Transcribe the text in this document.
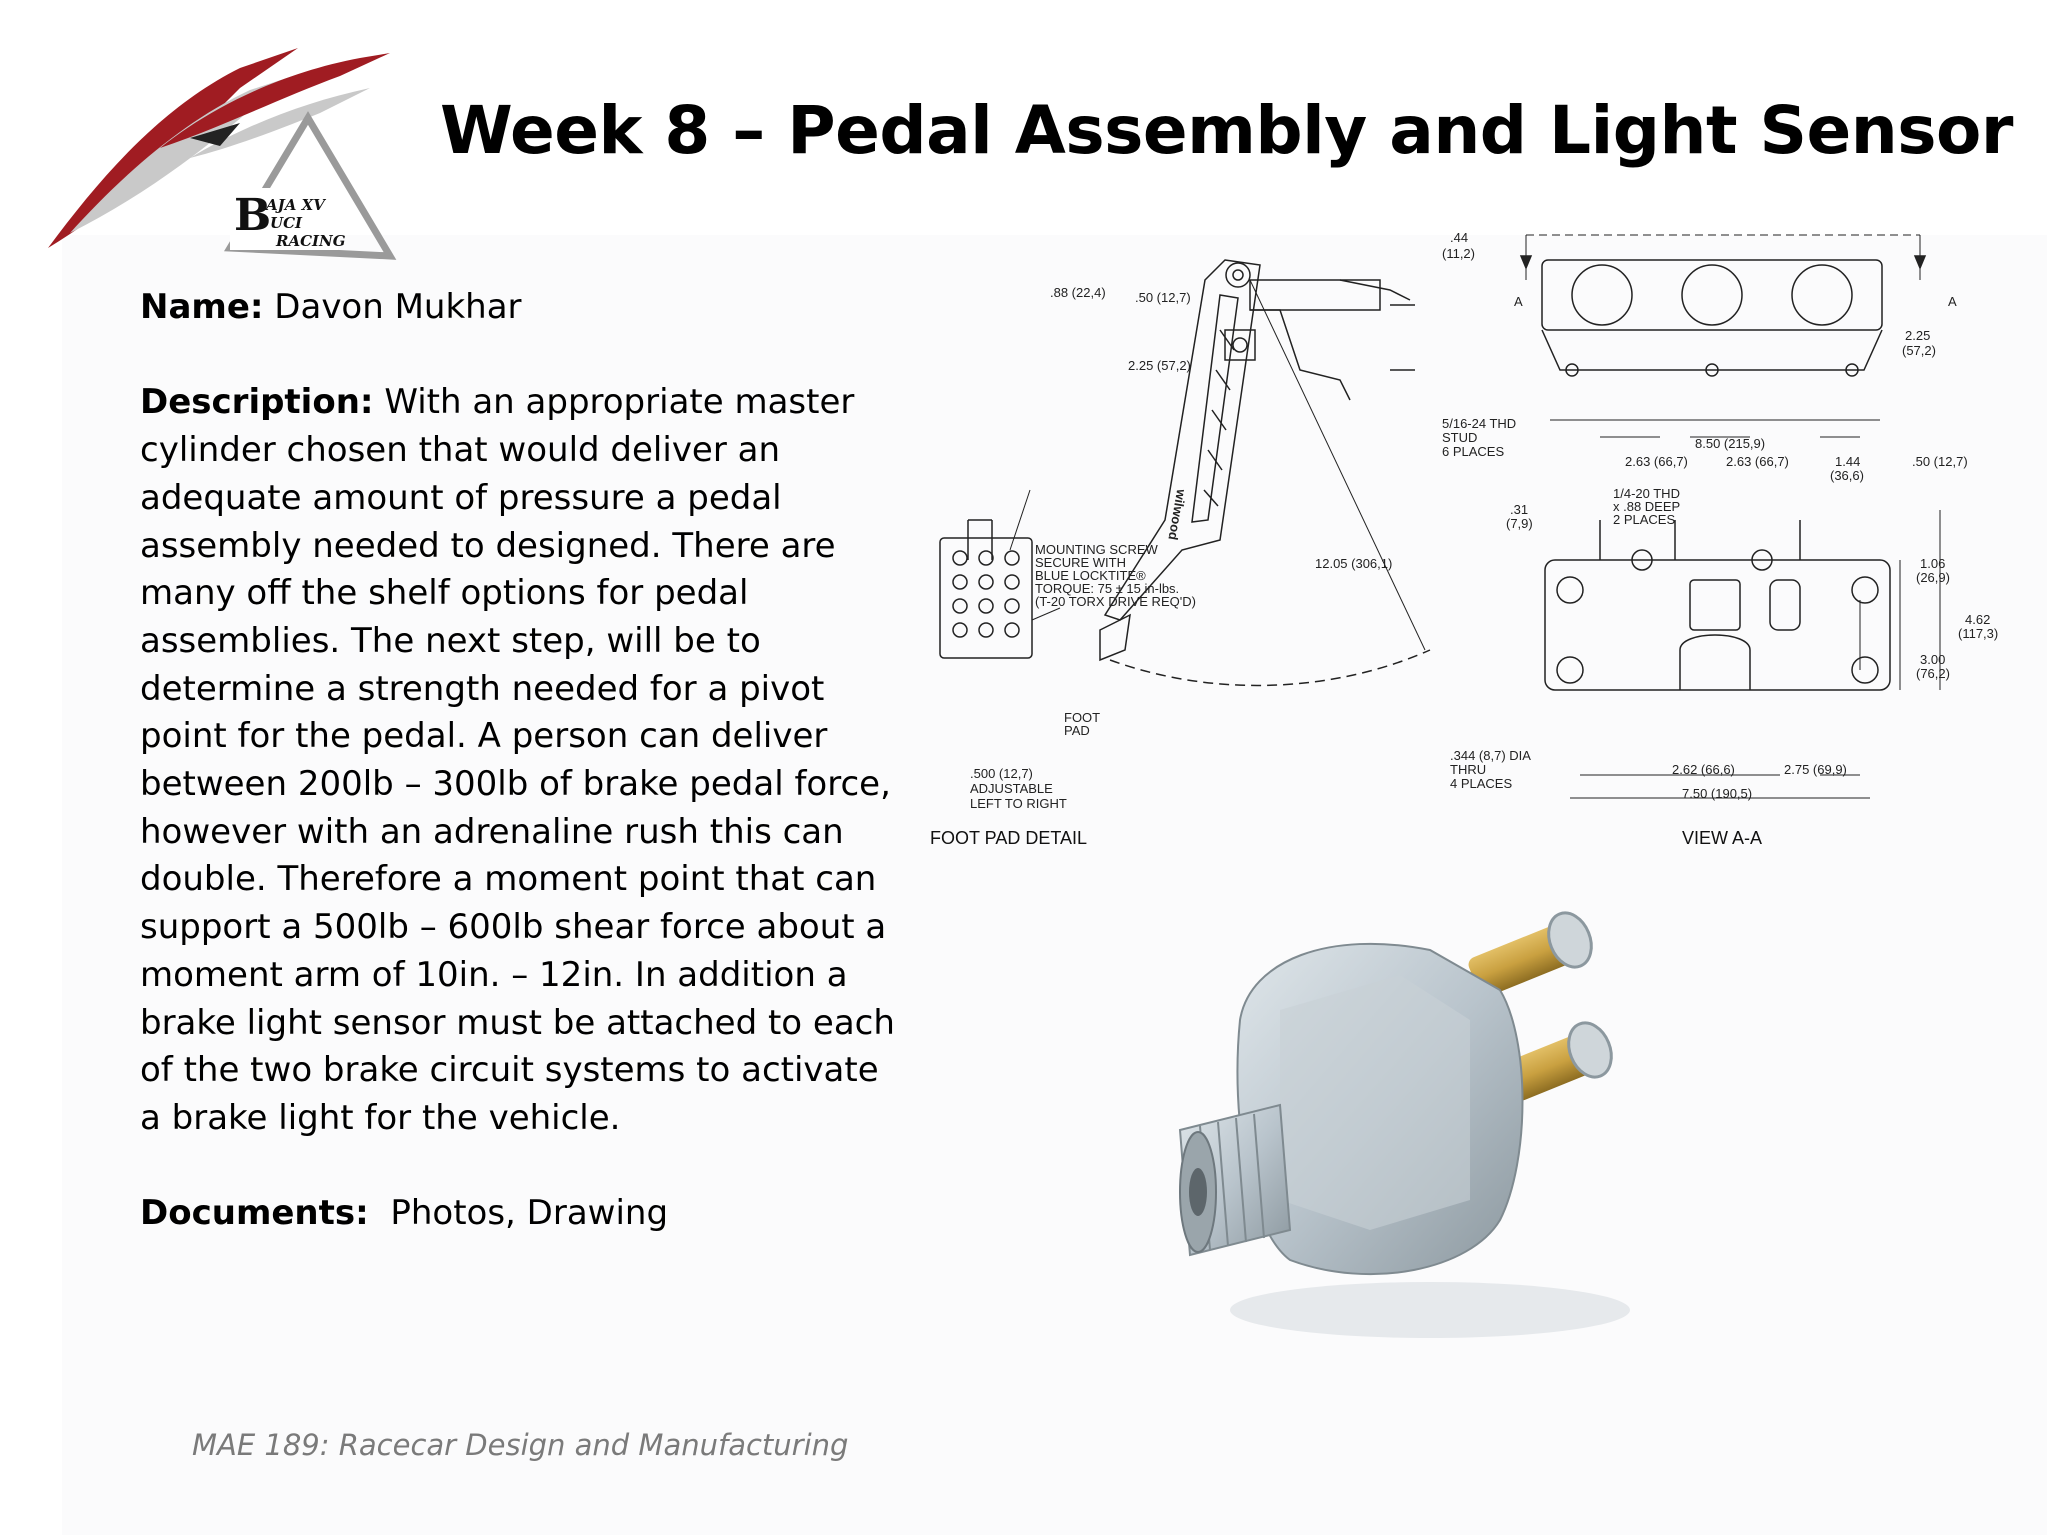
B
AJA XV
UCI
RACING
Week 8 – Pedal Assembly and Light Sensor

Name: Davon Mukhar

Description: With an appropriate master cylinder chosen that would deliver an adequate amount of pressure a pedal assembly needed to designed. There are many off the shelf options for pedal assemblies. The next step, will be to determine a strength needed for a pivot point for the pedal. A person can deliver between 200lb – 300lb of brake pedal force, however with an adrenaline rush this can double. Therefore a moment point that can support a 500lb – 600lb shear force about a moment arm of 10in. – 12in. In addition a brake light sensor must be attached to each of the two brake circuit systems to activate a brake light for the vehicle.

Documents: Photos, Drawing

MAE 189: Racecar Design and Manufacturing
.44
(11,2)
.88 (22,4) .50 (12,7)
2.25 (57,2)
5/16-24 THD
STUD
6 PLACES
A	A
2.25
(57,2)
8.50 (215,9)
2.63 (66,7)	2.63 (66,7)	1.44
(36,6)
.50 (12,7)
.31
(7,9)
1/4-20 THD
x .88 DEEP
2 PLACES
MOUNTING SCREW
SECURE WITH
BLUE LOCKTITE®
TORQUE: 75 ± 15 in-lbs.
(T-20 TORX DRIVE REQ'D)
12.05 (306,1)	1.06
(26,9)
4.62
(117,3)
3.00
(76,2)
FOOT
PAD
.500 (12,7)
ADJUSTABLE
LEFT TO RIGHT
.344 (8,7) DIA
THRU
4 PLACES
2.62 (66,6)	2.75 (69,9)
7.50 (190,5)
wilwood
FOOT PAD DETAIL	VIEW A-A
